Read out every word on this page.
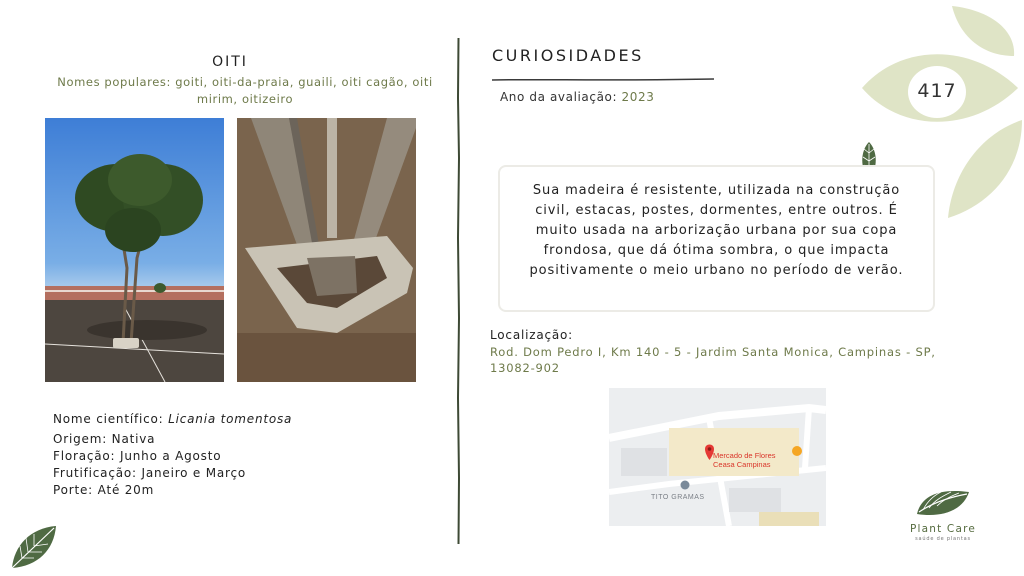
OITI
Nomes populares: goiti, oiti-da-praia, guaili, oiti cagão, oiti mirim, oitizeiro
Nome científico: Licania tomentosa
Origem: Nativa
Floração: Junho a Agosto
Frutificação: Janeiro e Março
Porte: Até 20m
CURIOSIDADES
Ano da avaliação: 2023	417
Sua madeira é resistente, utilizada na construção civil, estacas, postes, dormentes, entre outros. É muito usada na arborização urbana por sua copa frondosa, que dá ótima sombra, o que impacta positivamente o meio urbano no período de verão.
Localização:
Rod. Dom Pedro I, Km 140 - 5 - Jardim Santa Monica, Campinas - SP, 13082-902
Mercado de Flores
Ceasa Campinas
TITO GRAMAS
Plant Care
saúde de plantas
